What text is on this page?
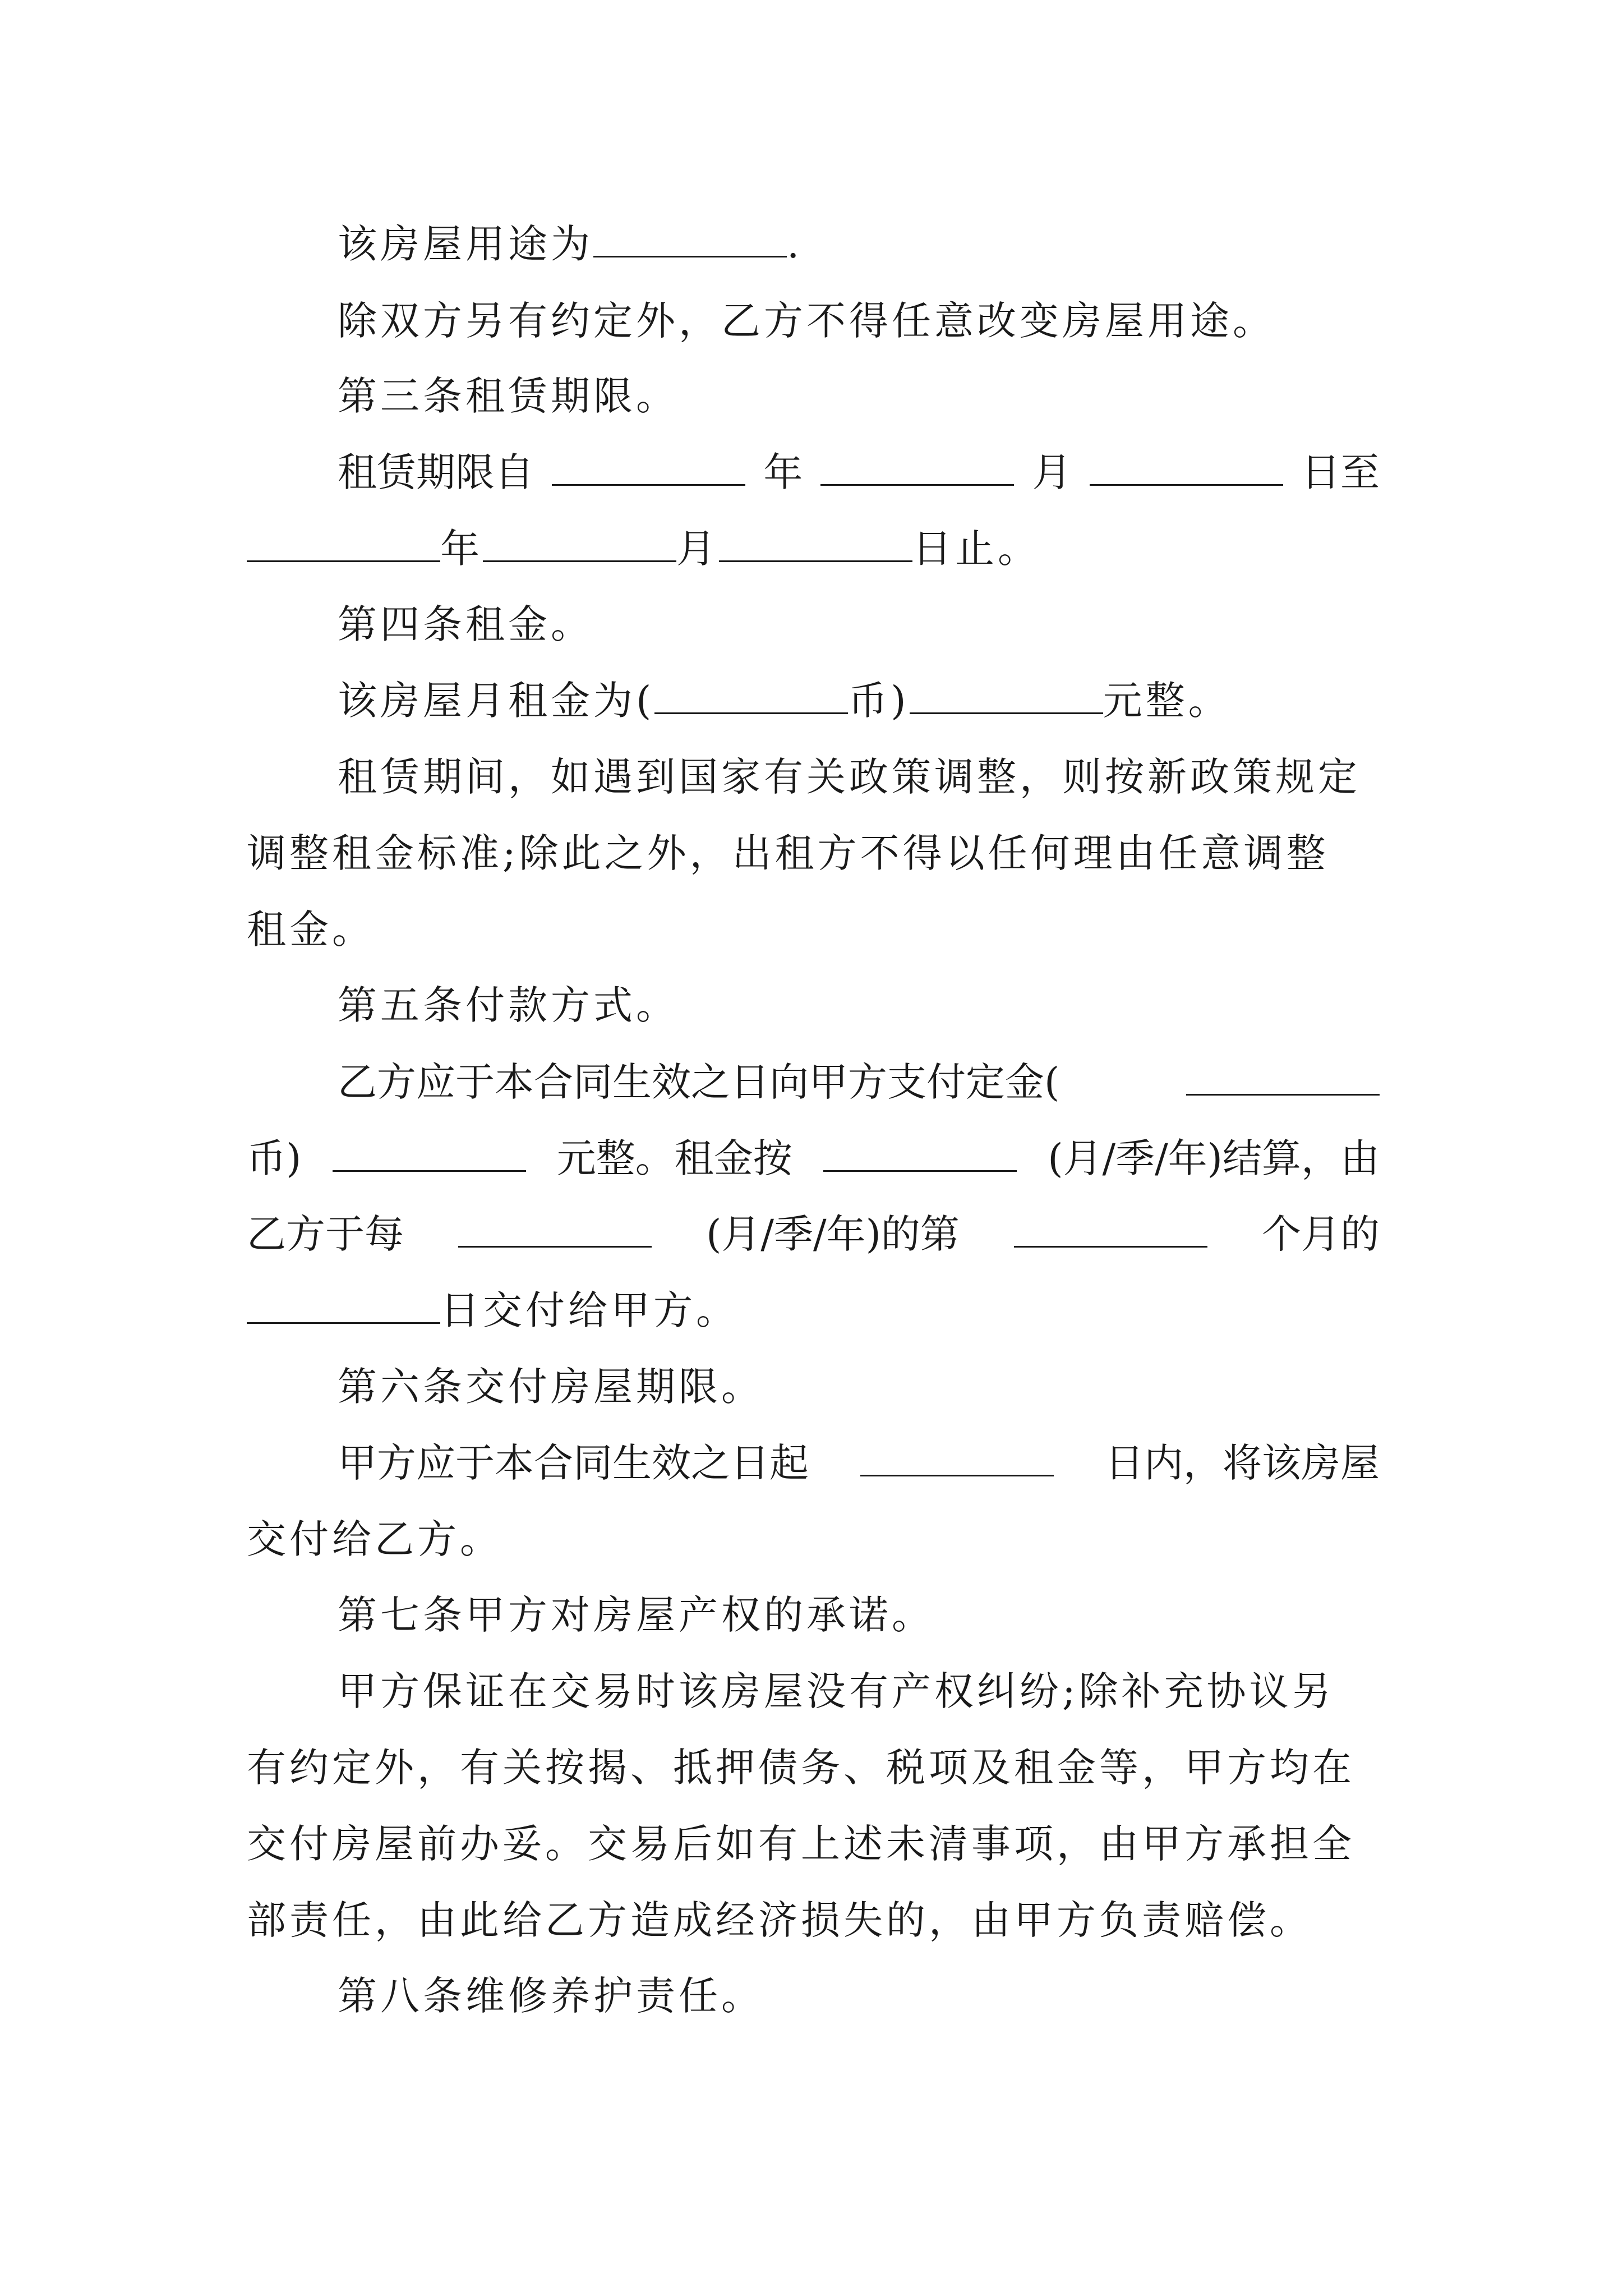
该房屋用途为	.
除双方另有约定外，乙方不得任意改变房屋用途。
第三条租赁期限。
租赁期限自	年	月	日至
年	月	日止。
第四条租金。
该房屋月租金为(	币)	元整。
租赁期间，如遇到国家有关政策调整，则按新政策规定
调整租金标准;除此之外，出租方不得以任何理由任意调整
租金。
第五条付款方式。
乙方应于本合同生效之日向甲方支付定金(
币)	元整。租金按	(月/季/年)结算，由
乙方于每	(月/季/年)的第	个月的
日交付给甲方。
第六条交付房屋期限。
甲方应于本合同生效之日起	日内，将该房屋
交付给乙方。
第七条甲方对房屋产权的承诺。
甲方保证在交易时该房屋没有产权纠纷;除补充协议另
有约定外，有关按揭、抵押债务、税项及租金等，甲方均在
交付房屋前办妥。交易后如有上述未清事项，由甲方承担全
部责任，由此给乙方造成经济损失的，由甲方负责赔偿。
第八条维修养护责任。
